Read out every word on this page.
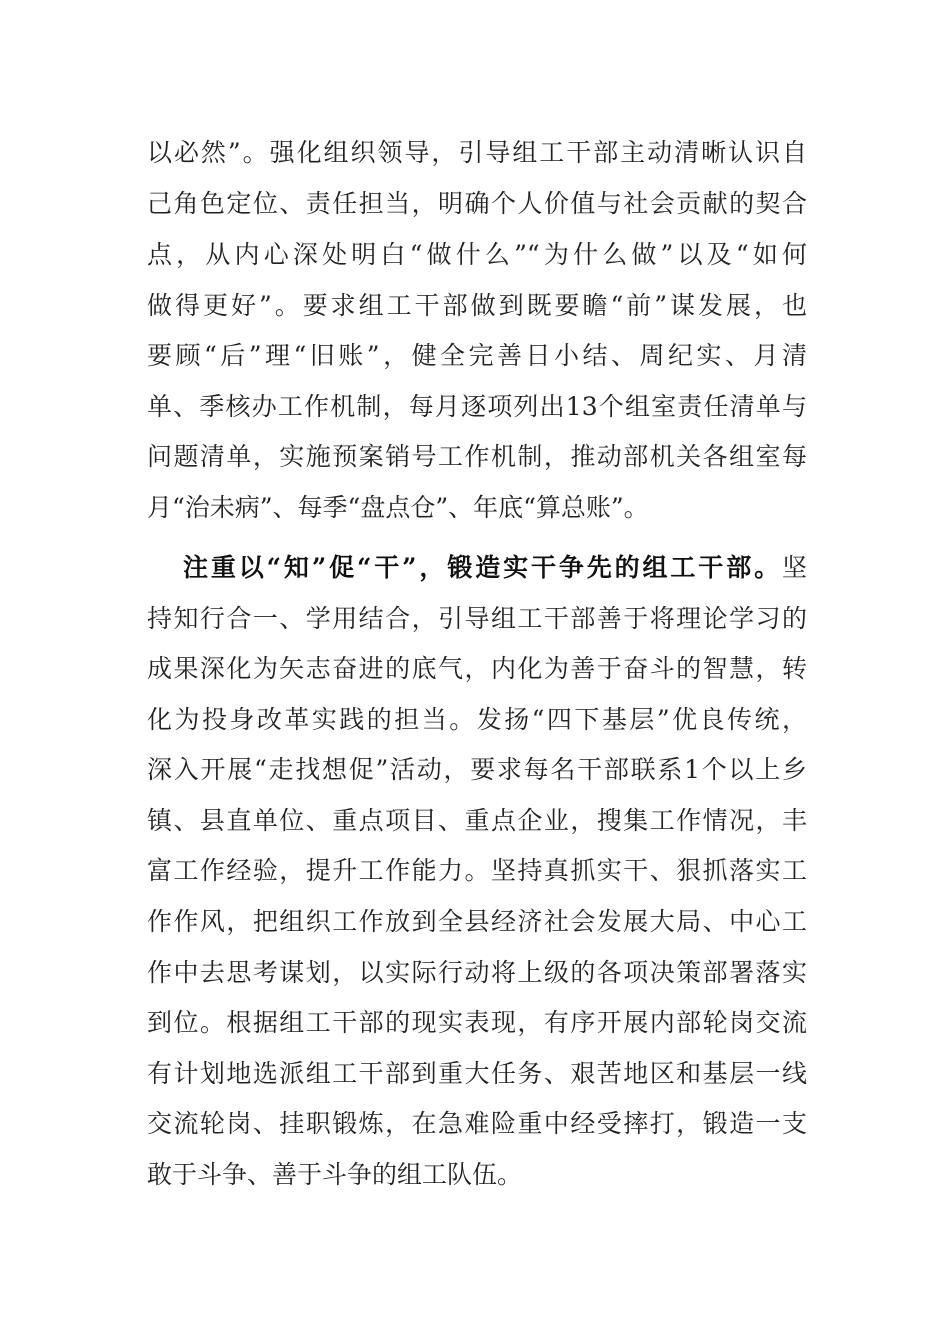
以必然”。强化组织领导，引导组工干部主动清晰认识自
己角色定位、责任担当，明确个人价值与社会贡献的契合
点，从内心深处明白“做什么”“为什么做”以及“如何
做得更好”。要求组工干部做到既要瞻“前”谋发展，也
要顾“后”理“旧账”，健全完善日小结、周纪实、月清
单、季核办工作机制，每月逐项列出13个组室责任清单与
问题清单，实施预案销号工作机制，推动部机关各组室每
月“治未病”、每季“盘点仓”、年底“算总账”。
注重以“知”促“干”，锻造实干争先的组工干部。坚
持知行合一、学用结合，引导组工干部善于将理论学习的
成果深化为矢志奋进的底气，内化为善于奋斗的智慧，转
化为投身改革实践的担当。发扬“四下基层”优良传统，
深入开展“走找想促”活动，要求每名干部联系1个以上乡
镇、县直单位、重点项目、重点企业，搜集工作情况，丰
富工作经验，提升工作能力。坚持真抓实干、狠抓落实工
作作风，把组织工作放到全县经济社会发展大局、中心工
作中去思考谋划，以实际行动将上级的各项决策部署落实
到位。根据组工干部的现实表现，有序开展内部轮岗交流
有计划地选派组工干部到重大任务、艰苦地区和基层一线
交流轮岗、挂职锻炼，在急难险重中经受摔打，锻造一支
敢于斗争、善于斗争的组工队伍。
